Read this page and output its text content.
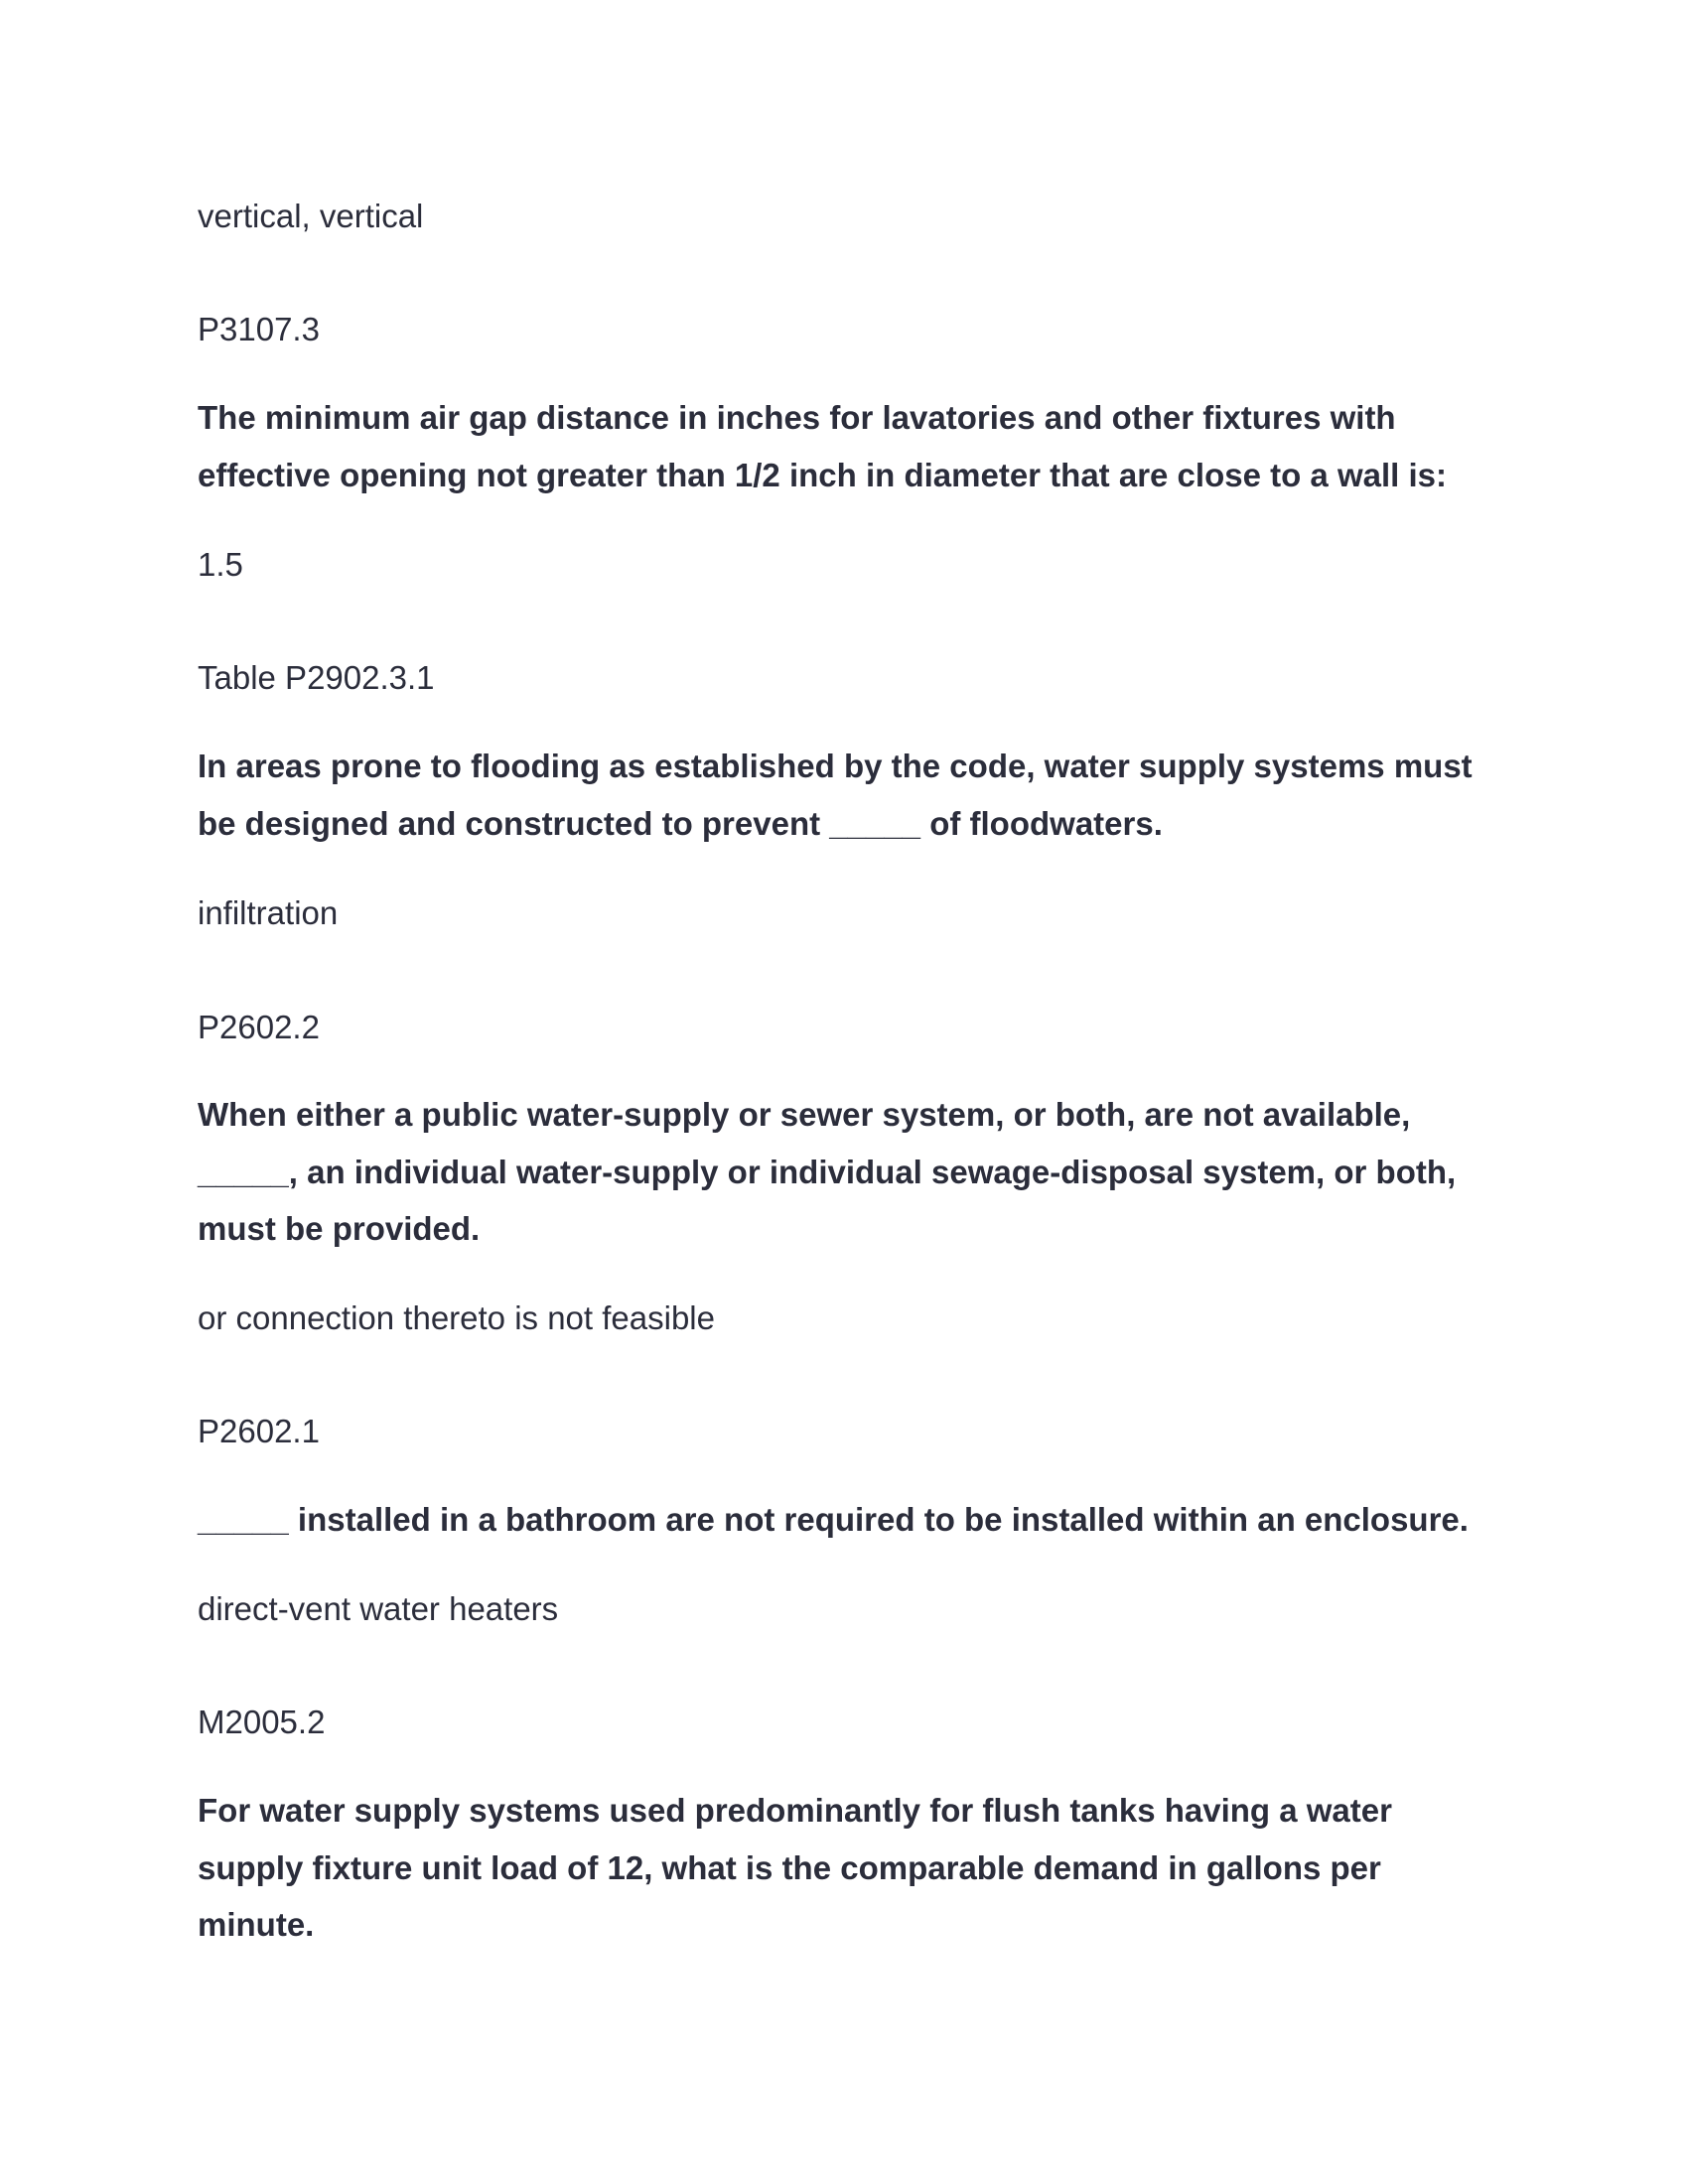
vertical, vertical

P3107.3

The minimum air gap distance in inches for lavatories and other fixtures with

effective opening not greater than 1/2 inch in diameter that are close to a wall is:

1.5

Table P2902.3.1

In areas prone to flooding as established by the code, water supply systems must

be designed and constructed to prevent _____ of floodwaters.

infiltration

P2602.2

When either a public water-supply or sewer system, or both, are not available,

_____, an individual water-supply or individual sewage-disposal system, or both,

must be provided.

or connection thereto is not feasible

P2602.1

_____ installed in a bathroom are not required to be installed within an enclosure.

direct-vent water heaters

M2005.2

For water supply systems used predominantly for flush tanks having a water

supply fixture unit load of 12, what is the comparable demand in gallons per

minute.
